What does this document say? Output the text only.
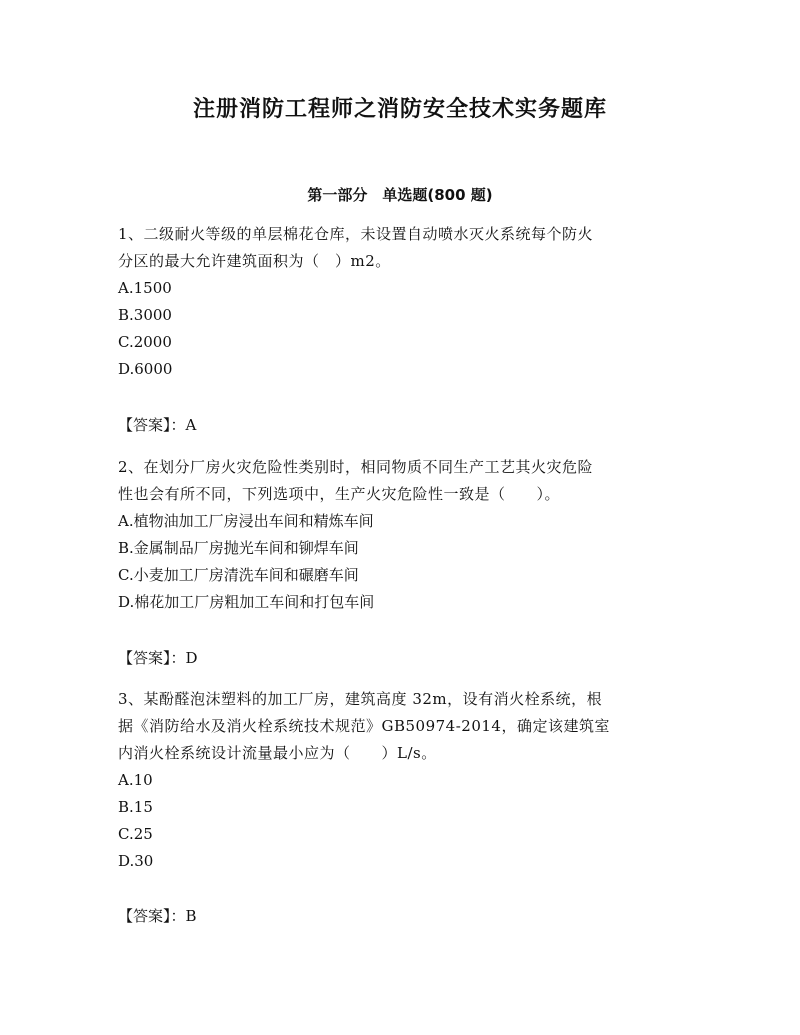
注册消防工程师之消防安全技术实务题库
第一部分　单选题(800 题)
1、二级耐火等级的单层棉花仓库，未设置自动喷水灭火系统每个防火
分区的最大允许建筑面积为（　）m2。
A.1500
B.3000
C.2000
D.6000
【答案】：A
2、在划分厂房火灾危险性类别时，相同物质不同生产工艺其火灾危险
性也会有所不同，下列选项中，生产火灾危险性一致是（　　）。
A.植物油加工厂房浸出车间和精炼车间
B.金属制品厂房抛光车间和铆焊车间
C.小麦加工厂房清洗车间和碾磨车间
D.棉花加工厂房粗加工车间和打包车间
【答案】：D
3、某酚醛泡沫塑料的加工厂房，建筑高度 32m，设有消火栓系统，根
据《消防给水及消火栓系统技术规范》GB50974-2014，确定该建筑室
内消火栓系统设计流量最小应为（　　）L/s。
A.10
B.15
C.25
D.30
【答案】：B
